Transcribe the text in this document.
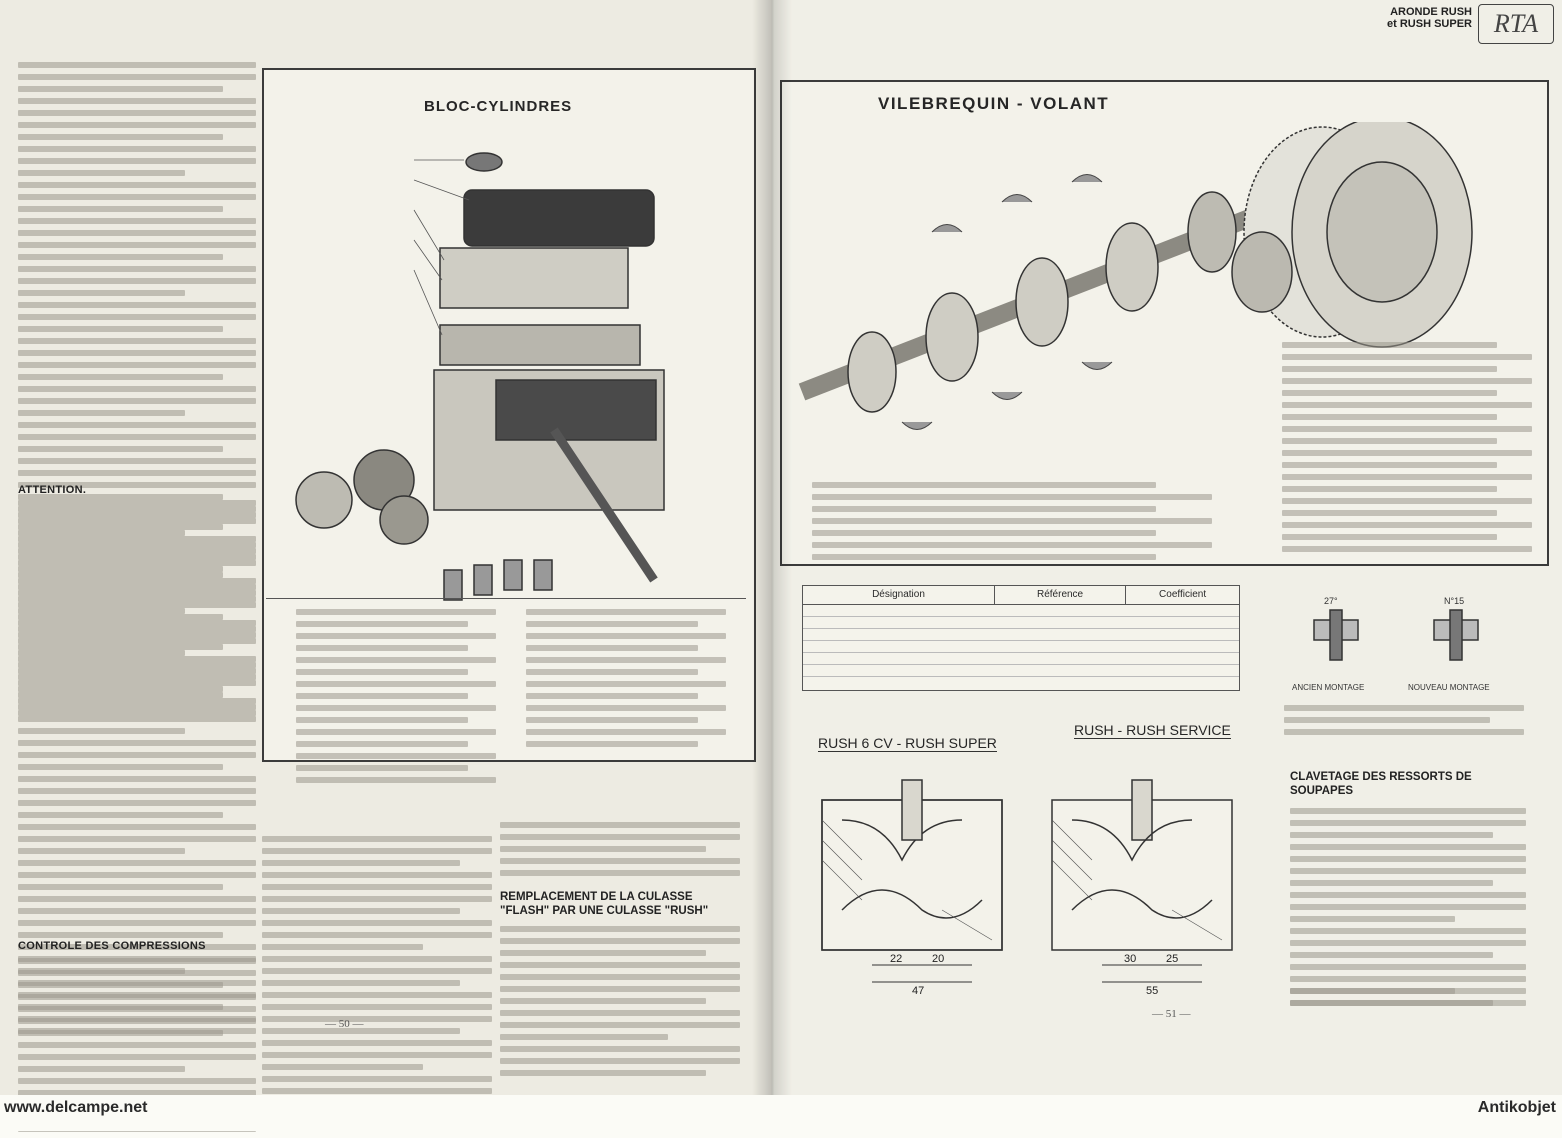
ATTENTION.
CONTROLE DES COMPRESSIONS
BLOC-CYLINDRES
REMPLACEMENT DE LA CULASSE "FLASH" PAR UNE CULASSE "RUSH"
— 50 —
VILEBREQUIN - VOLANT
Désignation	Référence	Coefficient
27°	N°15
ANCIEN MONTAGE	NOUVEAU MONTAGE
RUSH 6 CV - RUSH SUPER
RUSH - RUSH SERVICE
22	20
47
30	25
55
CLAVETAGE DES RESSORTS DE SOUPAPES
— 51 —
ARONDE RUSH
et RUSH SUPER RTA
www.delcampe.net	Antikobjet
